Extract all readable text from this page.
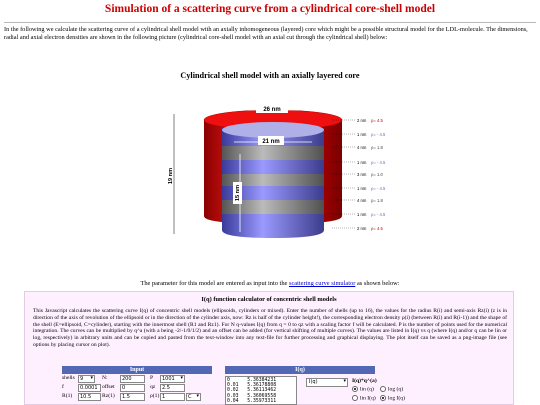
Simulation of a scattering curve from a cylindrical core-shell model
In the following we calculate the scattering curve of a cylindrical shell model with an axially inhomogeneous (layered) core which might be a possible structural model for the LDL-molecule. The dimensions, radial and axial electron densities are shown in the following picture (cylindrical core-shell model with an axial cut through the cylindrical shell) below:
Cylindrical shell model with an axially layered core
26 nm
21 nm
19 nm
15 nm
2 nm ρ= 4.5
1 nm ρ= - 4.5
4 nm ρ= 1.8
1 nm ρ= - 4.5
3 nm ρ= 1.0
1 nm ρ= - 4.5
4 nm ρ= 1.8
1 nm ρ= - 4.5
2 nm ρ= 4.5
The parameter for this model are entered as input into the scattering curve simulator as shown below:
I(q) function calculator of concentric shell models
This Javascript calculates the scattering curve I(q) of concentric shell models (ellipsoids, cylinders or mixed). Enter the number of shells (up to 16), the values for the radius R(i) and semi-axis Rz(i) (z is in direction of the axis of revolution of the ellipsoid or in the direction of the cylinder axis, now: Rz is half of the cylinder height!), the corresponding electron density ρ(i) (between R(i) and R(i-1)) and the shape of the shell (E=ellipsoid, C=cylinder), starting with the innermost shell (R1 and Rz1). For N q-values I(q) from q = 0 to qz with a scaling factor f will be calculated. P is the number of points used for the numerical integration. The curves can be multiplied by q^a (with a being -2/-1/0/1/2) and an offset can be added (for vertical shifting of multiple curves). The values are listed in I(q) vs q (where I(q) and/or q can be lin or log, respectively) in arbitrary units and can be copied and pasted from the text-window into any text-file for further processing and graphical displaying. The plot itself can be saved as a png-image file (see options by placing cursor on plot).
Input	I(q)
shells	9 ▾	N:	200	P	1001 ▾
f	0.0001 offset	0	qz	2.5
R(1)	10.5	Rz(1)	1.5	ρ(1) 1	C ▾
0      5.36384231
0.01   5.36178808
0.02   5.36113462
0.03   5.36069558
0.04   5.35973311
I(q) ▾	I(q)*q^(a)
lin (q)	log (q)
lin I(q)	log I(q)
